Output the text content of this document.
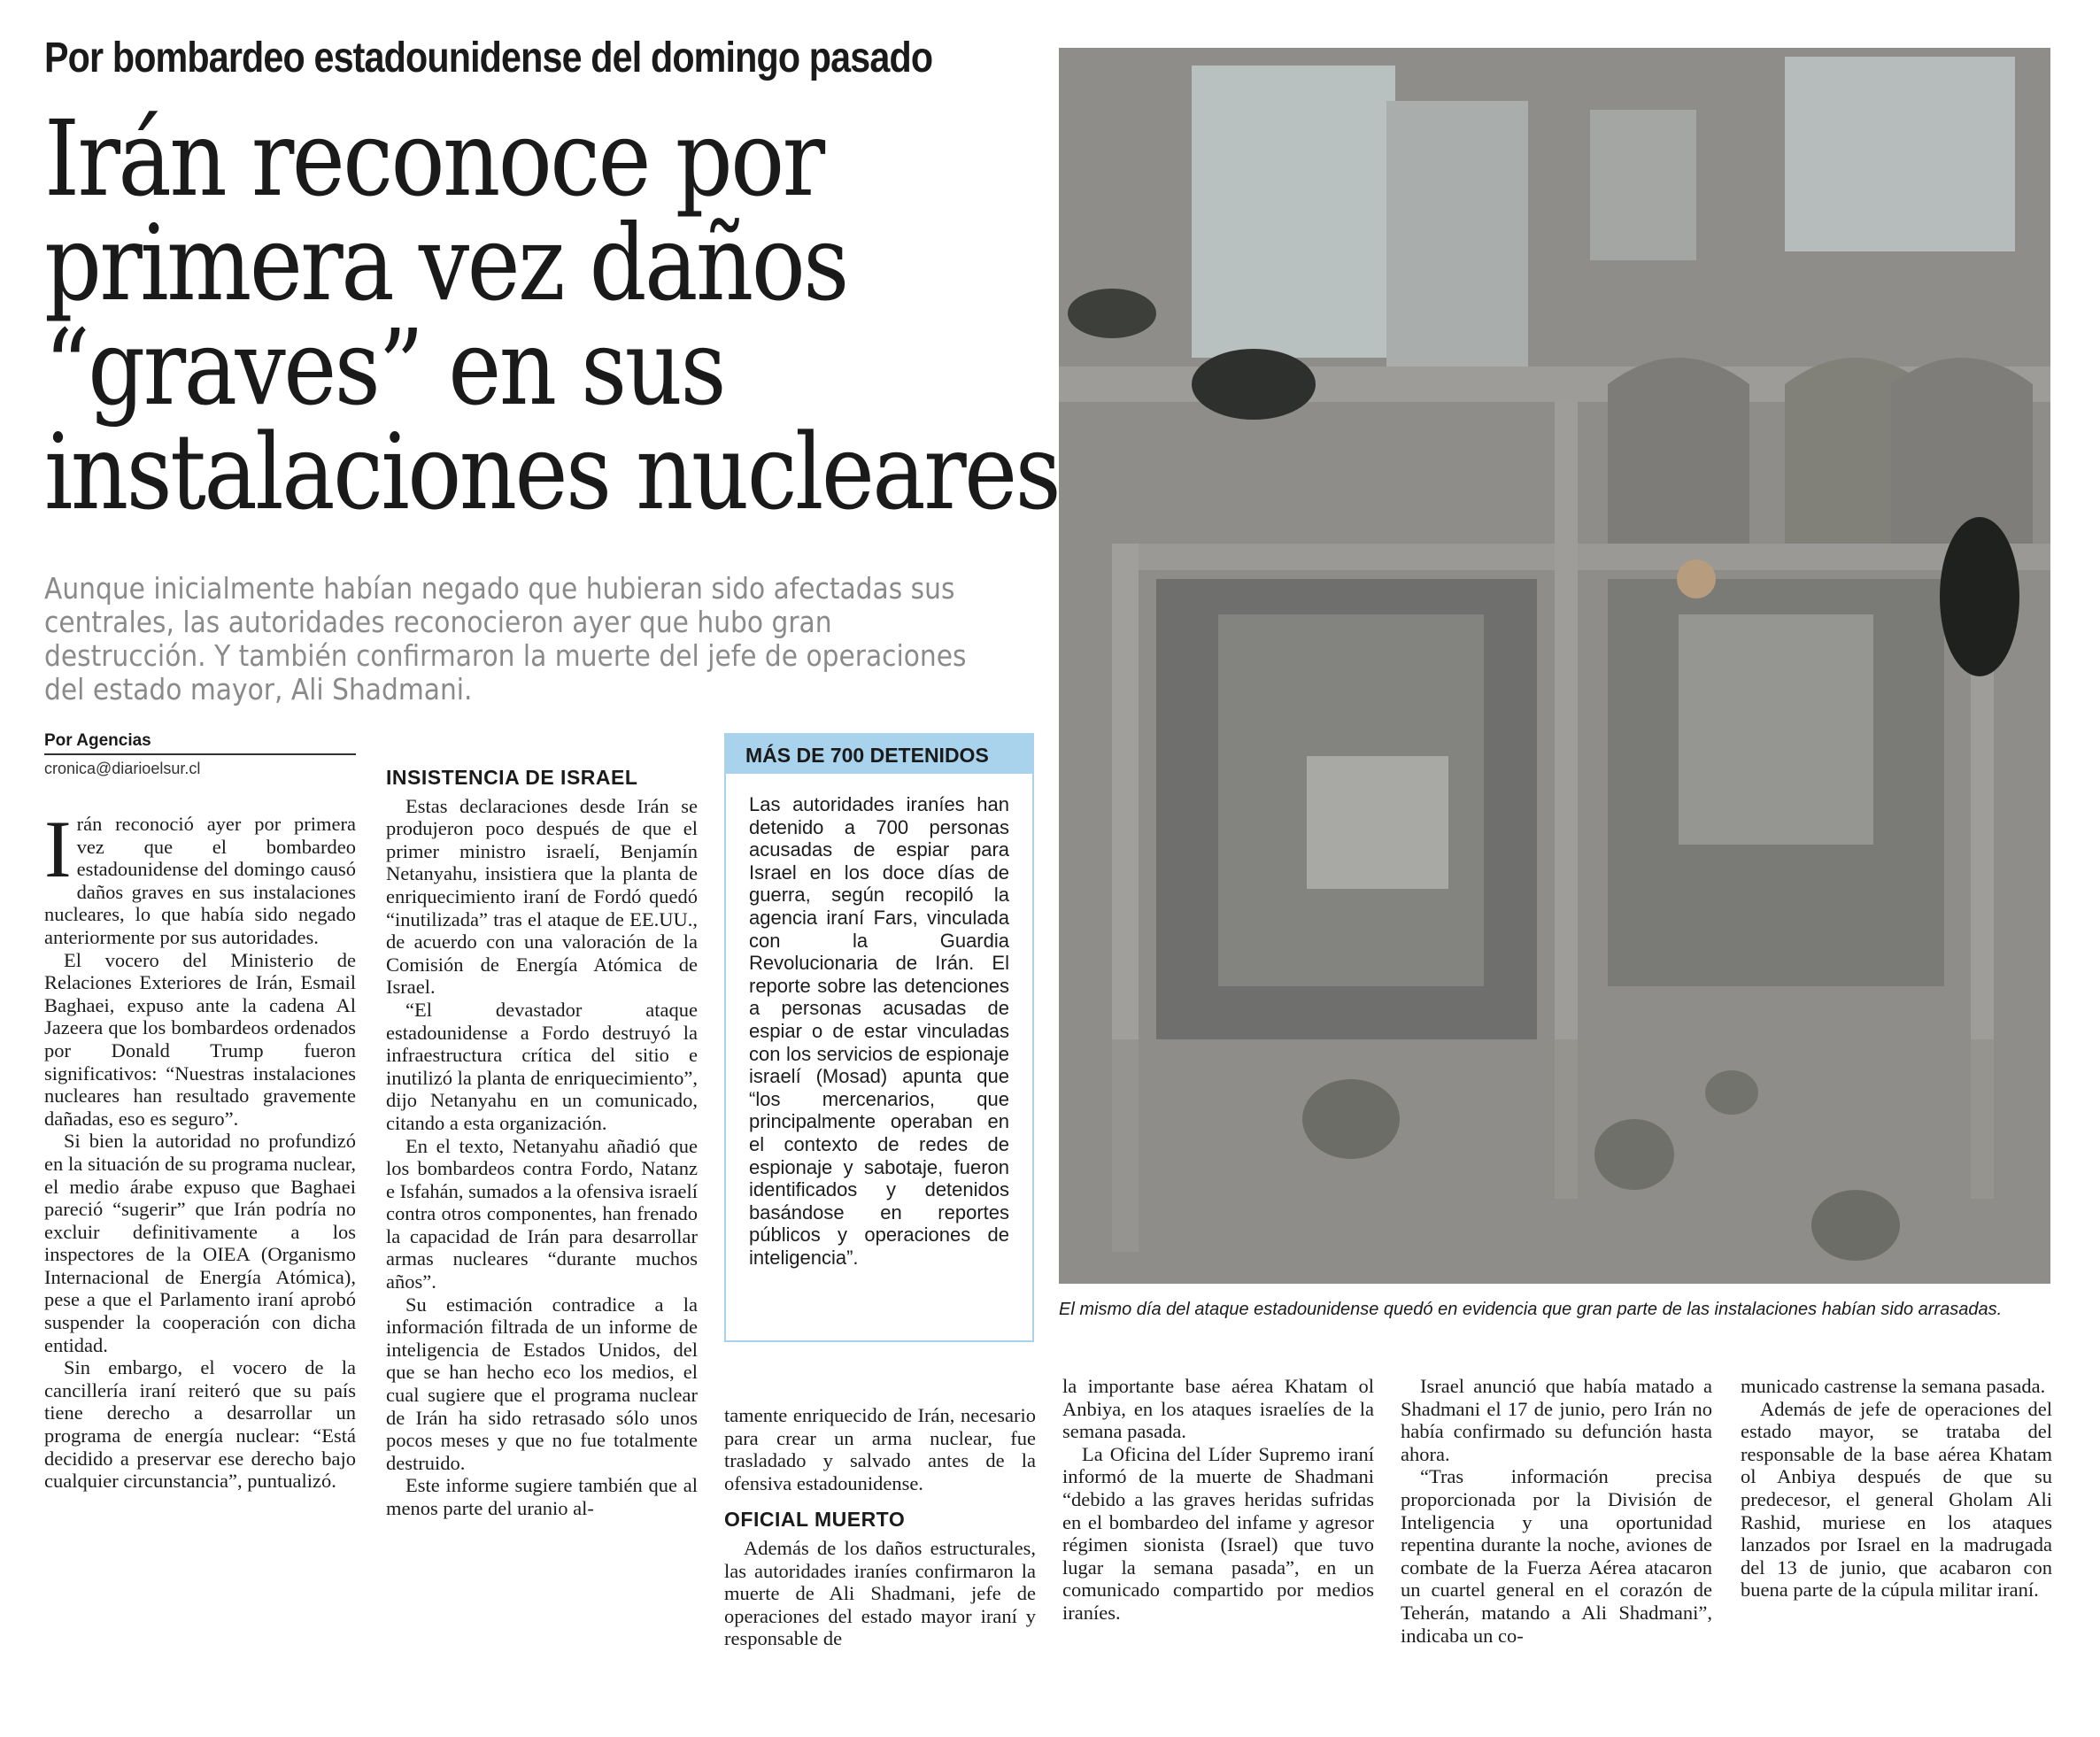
Por bombardeo estadounidense del domingo pasado
Irán reconoce por
primera vez daños
“graves” en sus
instalaciones nucleares
Aunque inicialmente habían negado que hubieran sido afectadas sus
centrales, las autoridades reconocieron ayer que hubo gran
destrucción. Y también confirmaron la muerte del jefe de operaciones
del estado mayor, Ali Shadmani.
Por Agencias
cronica@diarioelsur.cl

Irán reconoció ayer por primera vez que el bombardeo estadounidense del domingo causó daños graves en sus instalaciones nucleares, lo que había sido negado anteriormente por sus autoridades.

El vocero del Ministerio de Relaciones Exteriores de Irán, Esmail Baghaei, expuso ante la cadena Al Jazeera que los bombardeos ordenados por Donald Trump fueron significativos: “Nuestras instalaciones nucleares han resultado gravemente dañadas, eso es seguro”.

Si bien la autoridad no profundizó en la situación de su programa nuclear, el medio árabe expuso que Baghaei pareció “sugerir” que Irán podría no excluir definitivamente a los inspectores de la OIEA (Organismo Internacional de Energía Atómica), pese a que el Parlamento iraní aprobó suspender la cooperación con dicha entidad.

Sin embargo, el vocero de la cancillería iraní reiteró que su país tiene derecho a desarrollar un programa de energía nuclear: “Está decidido a preservar ese derecho bajo cualquier circunstancia”, puntualizó.

INSISTENCIA DE ISRAEL

Estas declaraciones desde Irán se produjeron poco después de que el primer ministro israelí, Benjamín Netanyahu, insistiera que la planta de enriquecimiento iraní de Fordó quedó “inutilizada” tras el ataque de EE.UU., de acuerdo con una valoración de la Comisión de Energía Atómica de Israel.

“El devastador ataque estadounidense a Fordo destruyó la infraestructura crítica del sitio e inutilizó la planta de enriquecimiento”, dijo Netanyahu en un comunicado, citando a esta organización.

En el texto, Netanyahu añadió que los bombardeos contra Fordo, Natanz e Isfahán, sumados a la ofensiva israelí contra otros componentes, han frenado la capacidad de Irán para desarrollar armas nucleares “durante muchos años”.

Su estimación contradice a la información filtrada de un informe de inteligencia de Estados Unidos, del que se han hecho eco los medios, el cual sugiere que el programa nuclear de Irán ha sido retrasado sólo unos pocos meses y que no fue totalmente destruido.

Este informe sugiere también que al menos parte del uranio al-

MÁS DE 700 DETENIDOS
Las autoridades iraníes han detenido a 700 personas acusadas de espiar para Israel en los doce días de guerra, según recopiló la agencia iraní Fars, vinculada con la Guardia Revolucionaria de Irán. El reporte sobre las detenciones a personas acusadas de espiar o de estar vinculadas con los servicios de espionaje israelí (Mosad) apunta que “los mercenarios, que principalmente operaban en el contexto de redes de espionaje y sabotaje, fueron identificados y detenidos basándose en reportes públicos y operaciones de inteligencia”.

tamente enriquecido de Irán, necesario para crear un arma nuclear, fue trasladado y salvado antes de la ofensiva estadounidense.

OFICIAL MUERTO

Además de los daños estructurales, las autoridades iraníes confirmaron la muerte de Ali Shadmani, jefe de operaciones del estado mayor iraní y responsable de

El mismo día del ataque estadounidense quedó en evidencia que gran parte de las instalaciones habían sido arrasadas.

la importante base aérea Khatam ol Anbiya, en los ataques israelíes de la semana pasada.

La Oficina del Líder Supremo iraní informó de la muerte de Shadmani “debido a las graves heridas sufridas en el bombardeo del infame y agresor régimen sionista (Israel) que tuvo lugar la semana pasada”, en un comunicado compartido por medios iraníes.

Israel anunció que había matado a Shadmani el 17 de junio, pero Irán no había confirmado su defunción hasta ahora.

“Tras información precisa proporcionada por la División de Inteligencia y una oportunidad repentina durante la noche, aviones de combate de la Fuerza Aérea atacaron un cuartel general en el corazón de Teherán, matando a Ali Shadmani”, indicaba un co-

municado castrense la semana pasada.

Además de jefe de operaciones del estado mayor, se trataba del responsable de la base aérea Khatam ol Anbiya después de que su predecesor, el general Gholam Ali Rashid, muriese en los ataques lanzados por Israel en la madrugada del 13 de junio, que acabaron con buena parte de la cúpula militar iraní.
